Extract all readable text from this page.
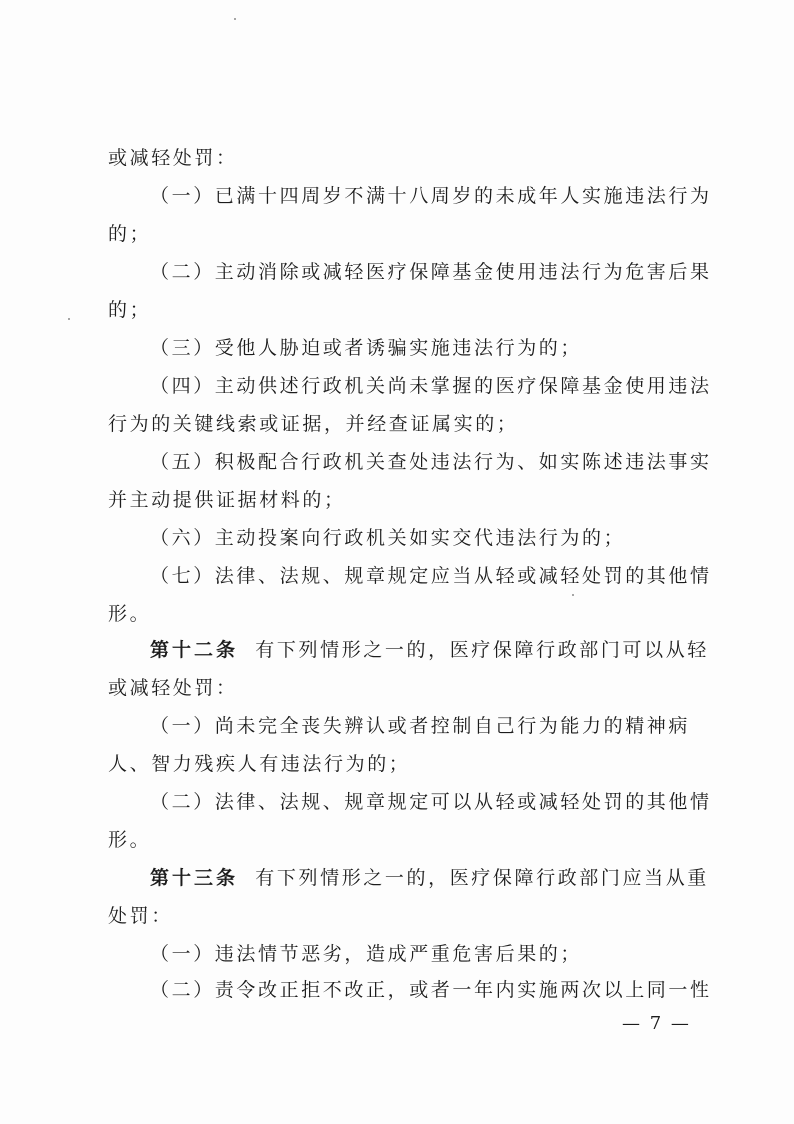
或减轻处罚：
（一）已满十四周岁不满十八周岁的未成年人实施违法行为
的；
（二）主动消除或减轻医疗保障基金使用违法行为危害后果
的；
（三）受他人胁迫或者诱骗实施违法行为的；
（四）主动供述行政机关尚未掌握的医疗保障基金使用违法
行为的关键线索或证据，并经查证属实的；
（五）积极配合行政机关查处违法行为、如实陈述违法事实
并主动提供证据材料的；
（六）主动投案向行政机关如实交代违法行为的；
（七）法律、法规、规章规定应当从轻或减轻处罚的其他情
形。
第十二条 有下列情形之一的，医疗保障行政部门可以从轻
或减轻处罚：
（一）尚未完全丧失辨认或者控制自己行为能力的精神病
人、智力残疾人有违法行为的；
（二）法律、法规、规章规定可以从轻或减轻处罚的其他情
形。
第十三条 有下列情形之一的，医疗保障行政部门应当从重
处罚：
（一）违法情节恶劣，造成严重危害后果的；
（二）责令改正拒不改正，或者一年内实施两次以上同一性
— 7 —
